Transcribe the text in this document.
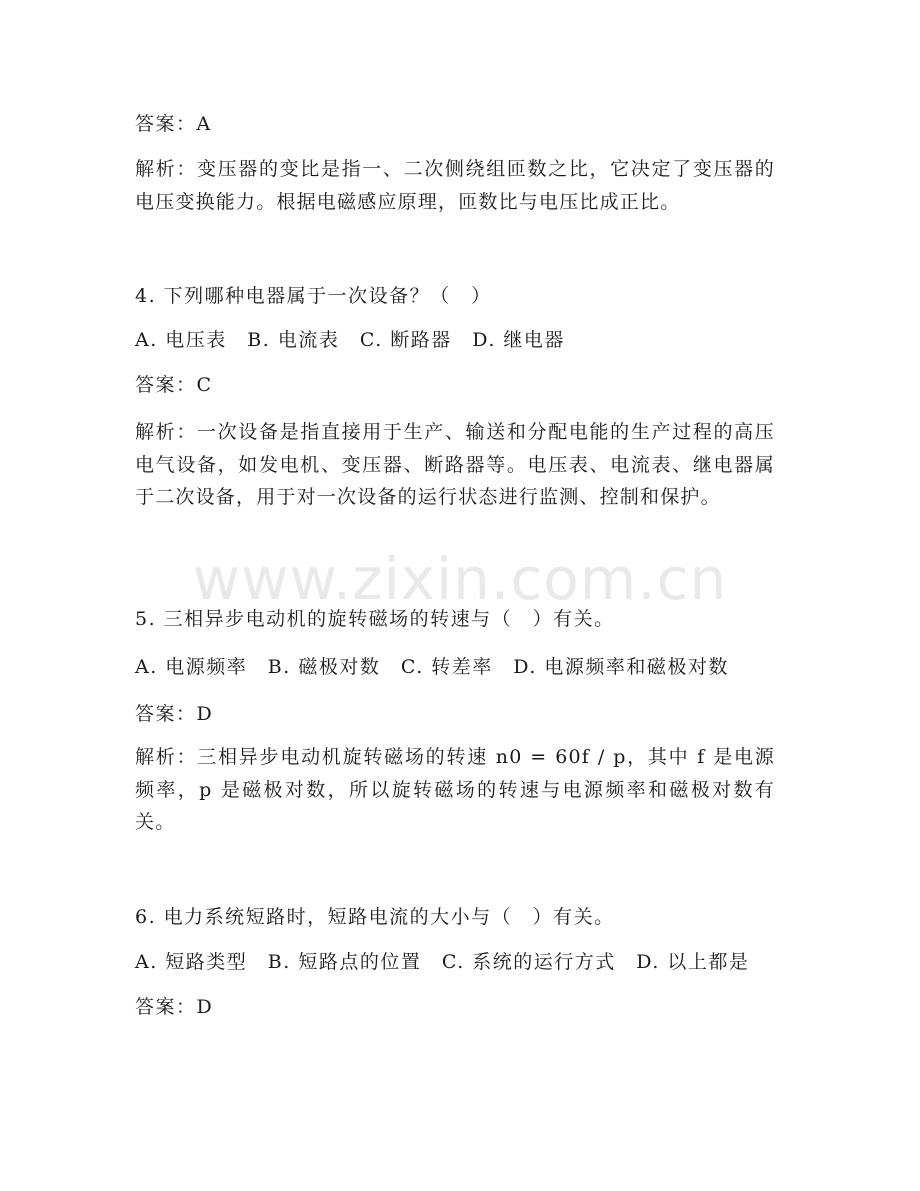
答案：A
解析：变压器的变比是指一、二次侧绕组匝数之比，它决定了变压器的电压变换能力。根据电磁感应原理，匝数比与电压比成正比。
4. 下列哪种电器属于一次设备？（　）
A. 电压表　B. 电流表　C. 断路器　D. 继电器
答案：C
解析：一次设备是指直接用于生产、输送和分配电能的生产过程的高压电气设备，如发电机、变压器、断路器等。电压表、电流表、继电器属于二次设备，用于对一次设备的运行状态进行监测、控制和保护。
5. 三相异步电动机的旋转磁场的转速与（　）有关。
A. 电源频率　B. 磁极对数　C. 转差率　D. 电源频率和磁极对数
答案：D
解析：三相异步电动机旋转磁场的转速 n0 = 60f / p，其中 f 是电源频率，p 是磁极对数，所以旋转磁场的转速与电源频率和磁极对数有关。
6. 电力系统短路时，短路电流的大小与（　）有关。
A. 短路类型　B. 短路点的位置　C. 系统的运行方式　D. 以上都是
答案：D
www.zixin.com.cn
